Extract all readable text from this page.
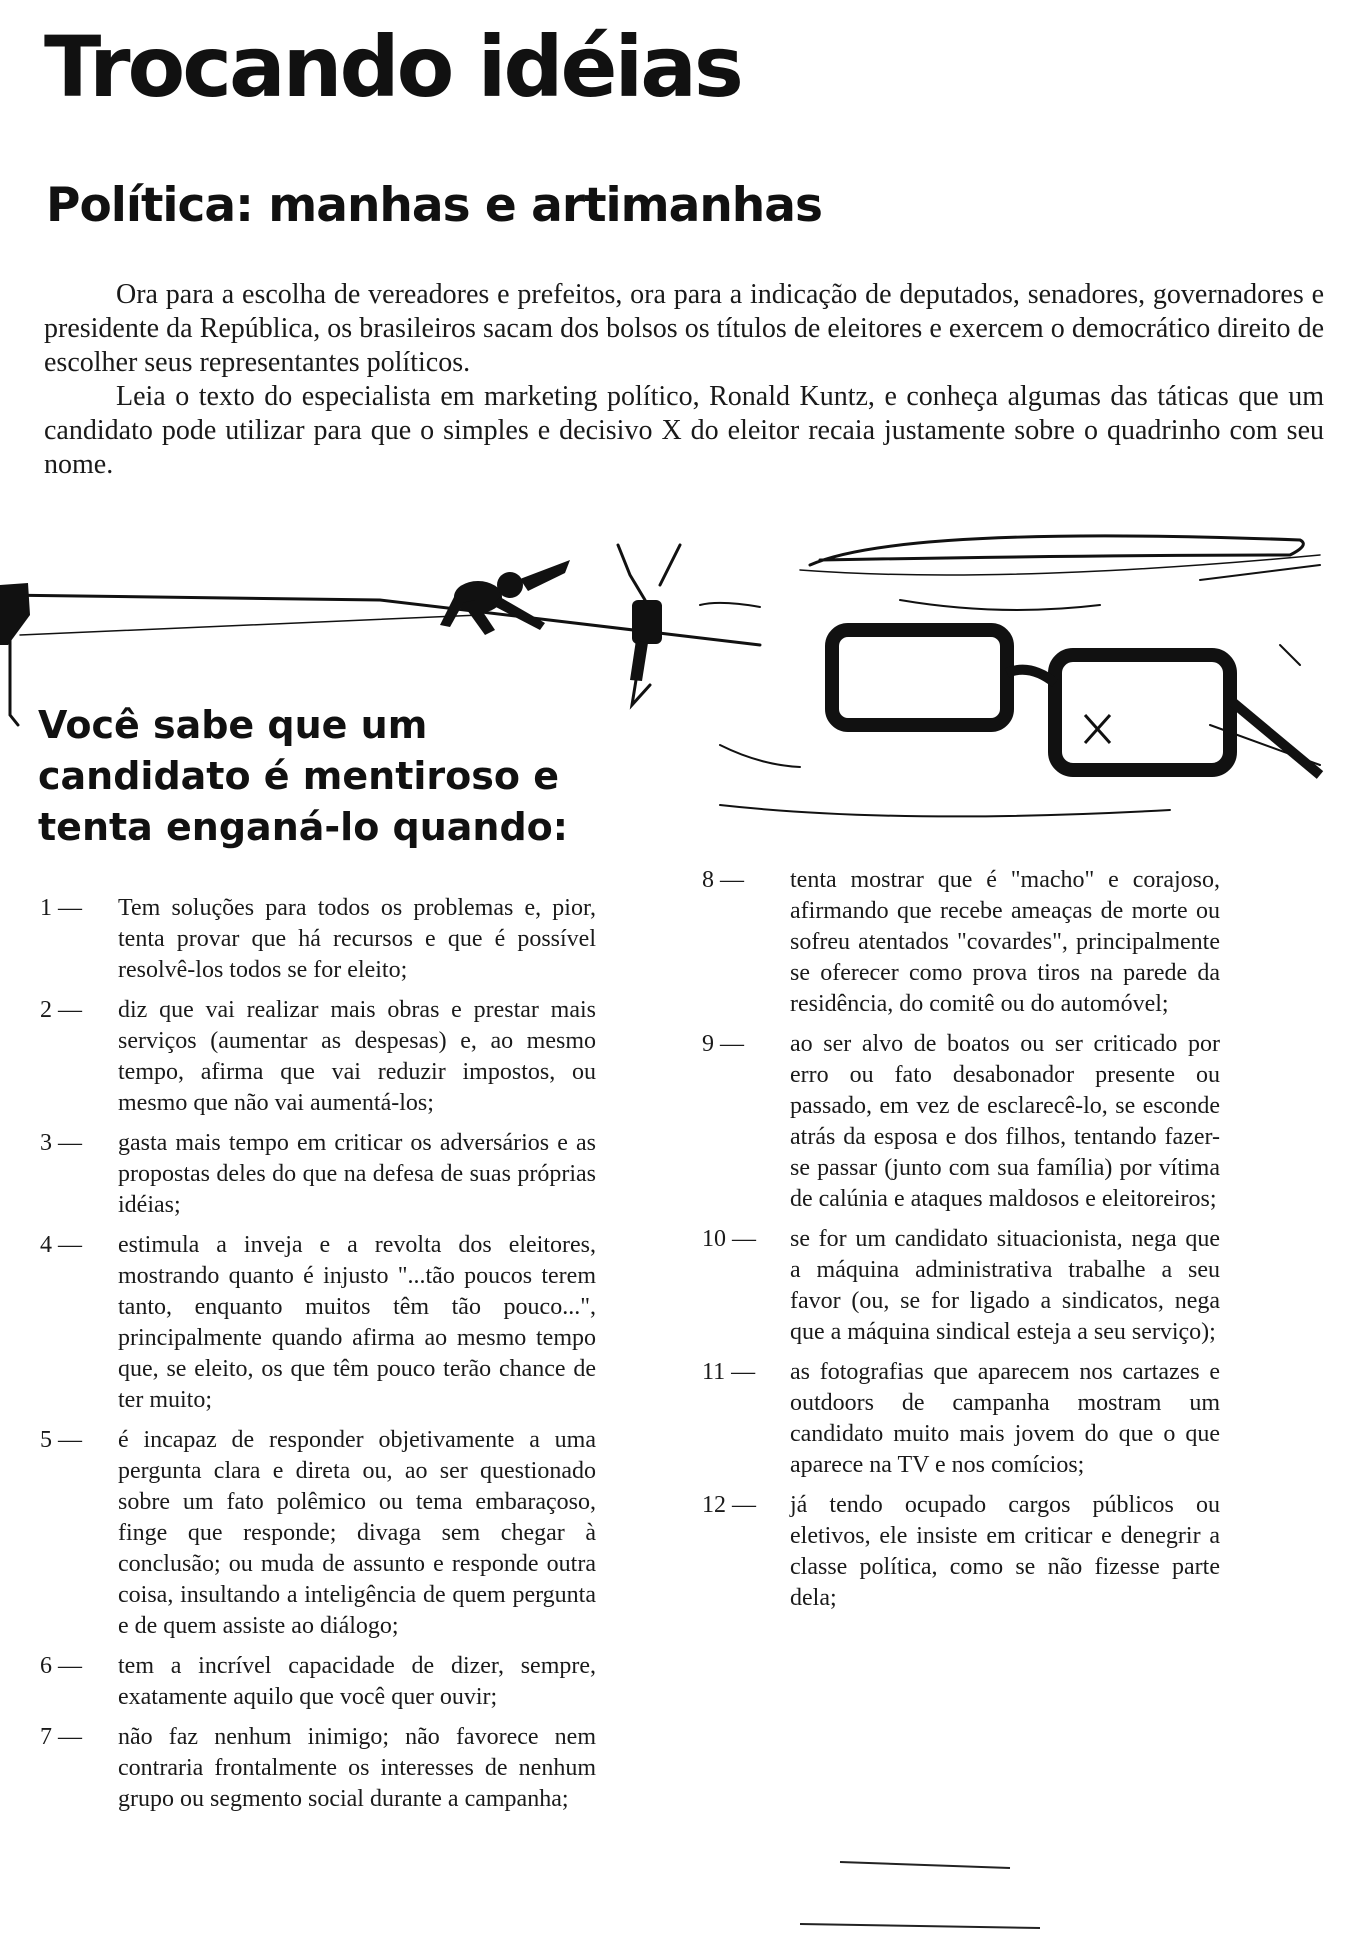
Trocando idéias
Política: manhas e artimanhas

Ora para a escolha de vereadores e prefeitos, ora para a indicação de deputados, senadores, governadores e presidente da República, os brasileiros sacam dos bolsos os títulos de eleitores e exercem o democrático direito de escolher seus representantes políticos.

Leia o texto do especialista em marketing político, Ronald Kuntz, e conheça algumas das táticas que um candidato pode utilizar para que o simples e decisivo X do eleitor recaia justamente sobre o quadrinho com seu nome.

Você sabe que um
candidato é mentiroso e
tenta enganá-lo quando:
1 — Tem soluções para todos os problemas e, pior, tenta provar que há recursos e que é possível resolvê-los todos se for eleito;
2 — diz que vai realizar mais obras e prestar mais serviços (aumentar as despesas) e, ao mesmo tempo, afirma que vai reduzir impostos, ou mesmo que não vai aumentá-los;
3 — gasta mais tempo em criticar os adversários e as propostas deles do que na defesa de suas próprias idéias;
4 — estimula a inveja e a revolta dos eleitores, mostrando quanto é injusto "...tão poucos terem tanto, enquanto muitos têm tão pouco...", principalmente quando afirma ao mesmo tempo que, se eleito, os que têm pouco terão chance de ter muito;
5 — é incapaz de responder objetivamente a uma pergunta clara e direta ou, ao ser questionado sobre um fato polêmico ou tema embaraçoso, finge que responde; divaga sem chegar à conclusão; ou muda de assunto e responde outra coisa, insultando a inteligência de quem pergunta e de quem assiste ao diálogo;
6 — tem a incrível capacidade de dizer, sempre, exatamente aquilo que você quer ouvir;
7 — não faz nenhum inimigo; não favorece nem contraria frontalmente os interesses de nenhum grupo ou segmento social durante a campanha;
8 — tenta mostrar que é "macho" e corajoso, afirmando que recebe ameaças de morte ou sofreu atentados "covardes", principalmente se oferecer como prova tiros na parede da residência, do comitê ou do automóvel;
9 — ao ser alvo de boatos ou ser criticado por erro ou fato desabonador presente ou passado, em vez de esclarecê-lo, se esconde atrás da esposa e dos filhos, tentando fazer-se passar (junto com sua família) por vítima de calúnia e ataques maldosos e eleitoreiros;
10 — se for um candidato situacionista, nega que a máquina administrativa trabalhe a seu favor (ou, se for ligado a sindicatos, nega que a máquina sindical esteja a seu serviço);
11 — as fotografias que aparecem nos cartazes e outdoors de campanha mostram um candidato muito mais jovem do que o que aparece na TV e nos comícios;
12 — já tendo ocupado cargos públicos ou eletivos, ele insiste em criticar e denegrir a classe política, como se não fizesse parte dela;
